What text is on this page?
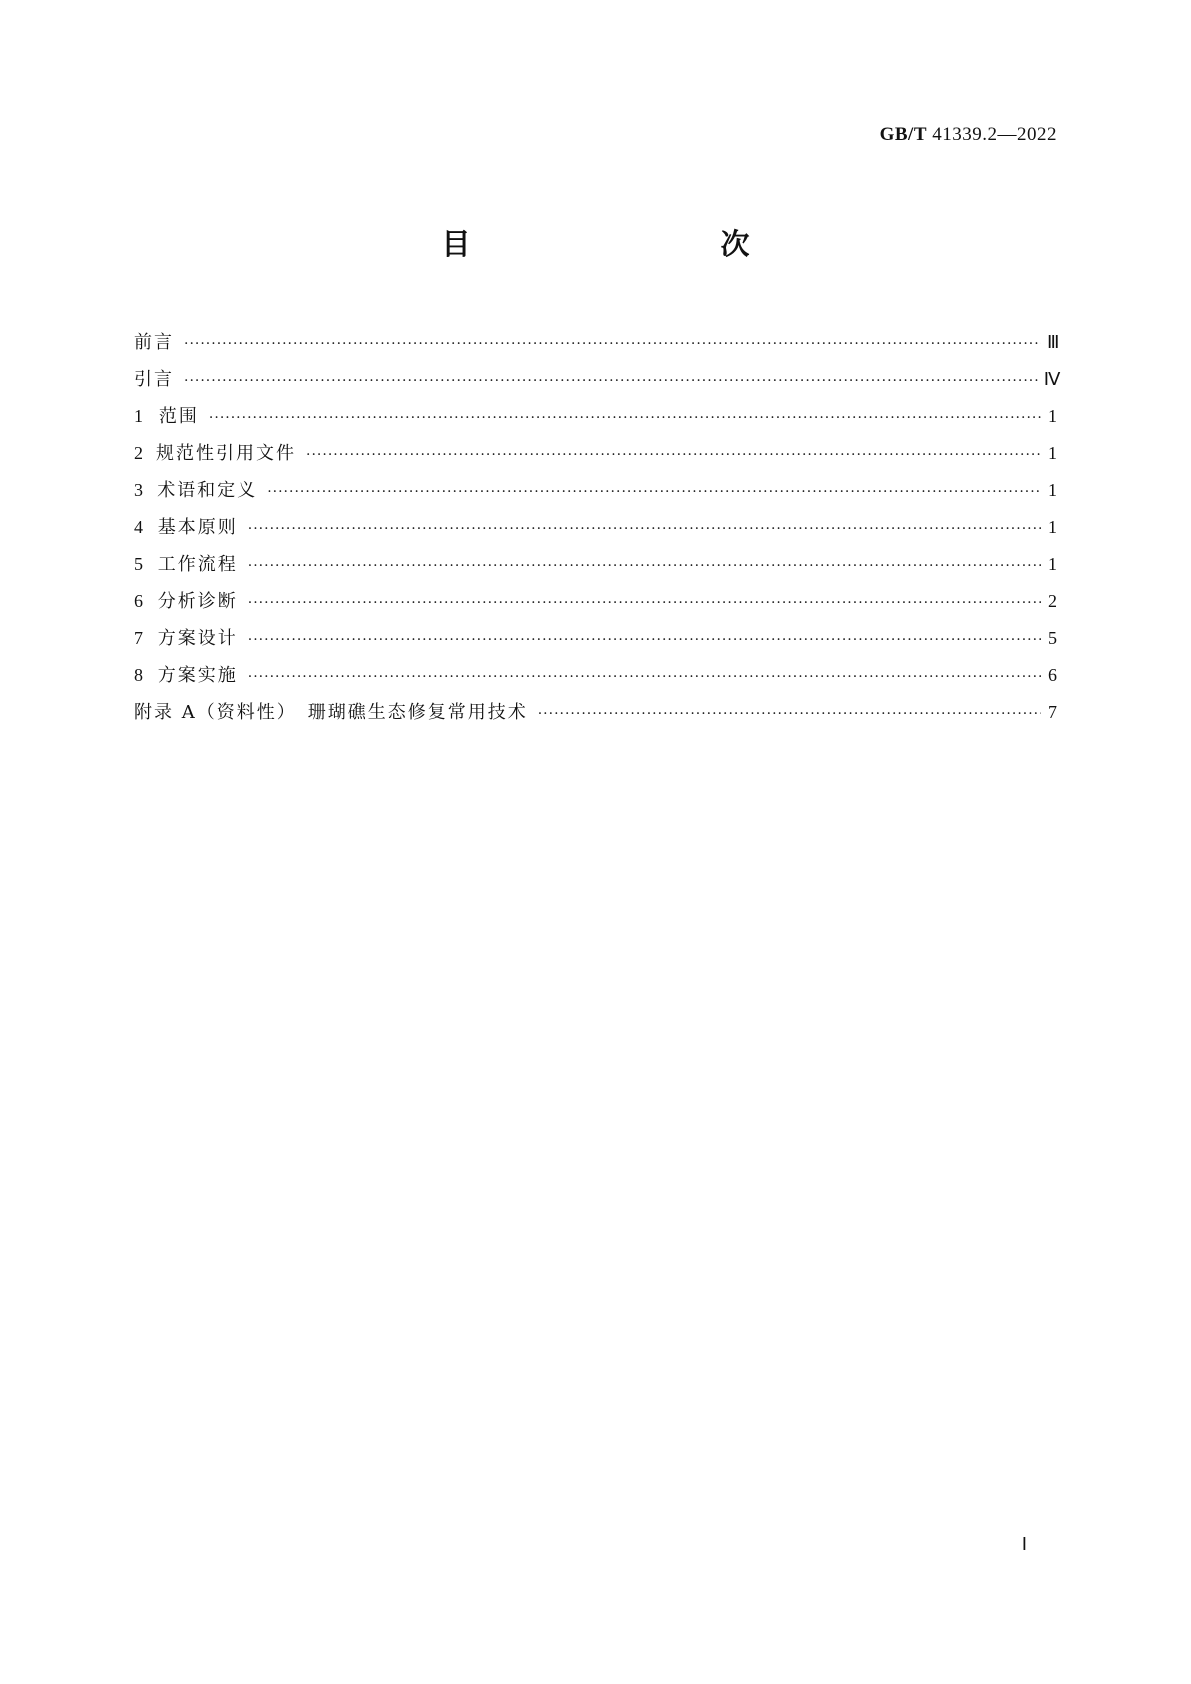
GB/T 41339.2—2022
目　　次
前言 ·····	Ⅲ
引言 ·····	Ⅳ
1 范围 ·····	1
2 规范性引用文件 ·····	1
3 术语和定义 ·····	1
4 基本原则 ·····	1
5 工作流程 ·····	1
6 分析诊断 ·····	2
7 方案设计 ·····	5
8 方案实施 ·····	6
附录 A（资料性）　珊瑚礁生态修复常用技术 ·····	7
Ⅰ
